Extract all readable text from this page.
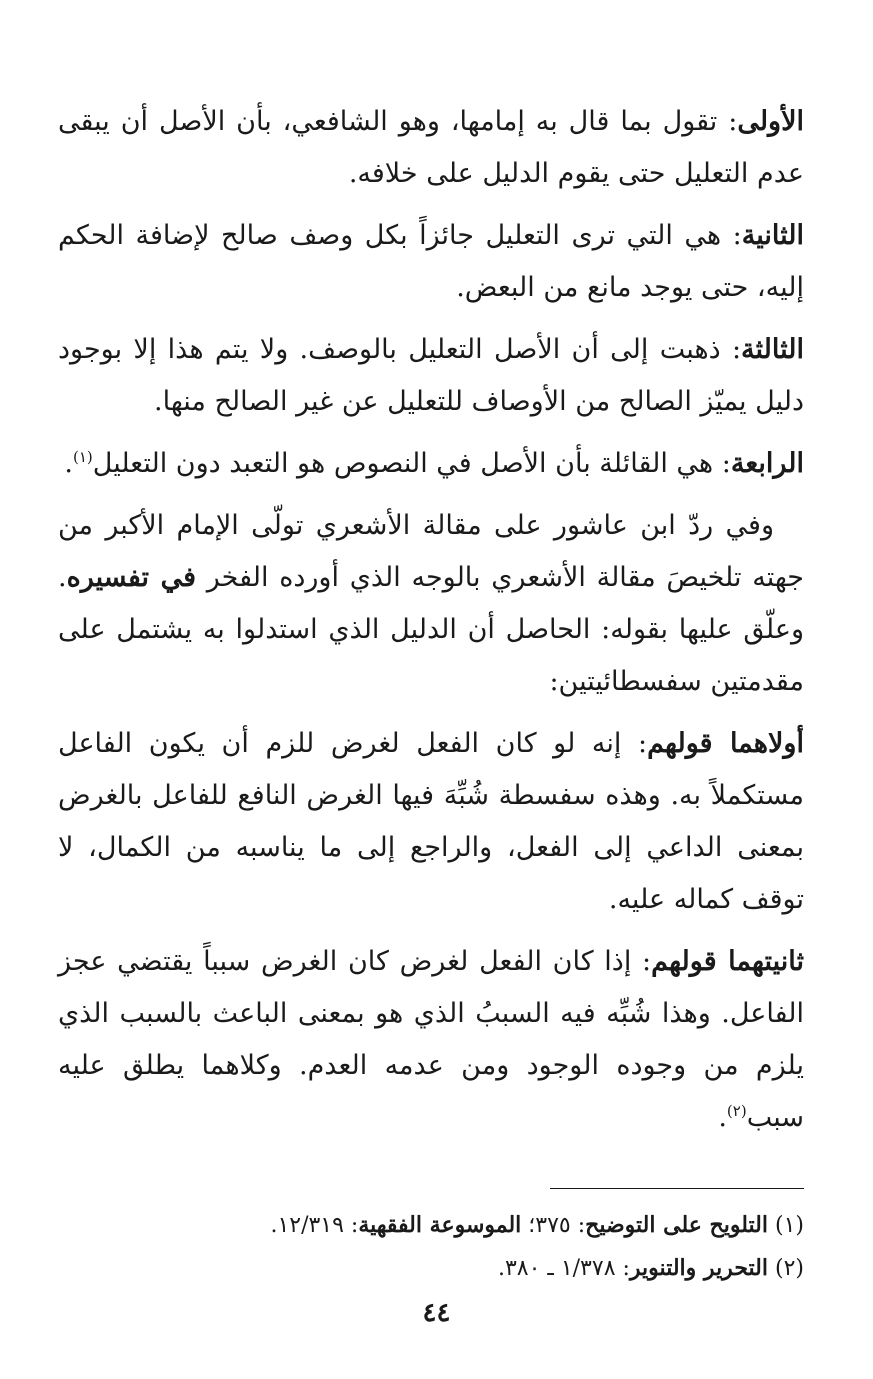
الأولى: تقول بما قال به إمامها، وهو الشافعي، بأن الأصل أن يبقى عدم التعليل حتى يقوم الدليل على خلافه.

الثانية: هي التي ترى التعليل جائزاً بكل وصف صالح لإضافة الحكم إليه، حتى يوجد مانع من البعض.

الثالثة: ذهبت إلى أن الأصل التعليل بالوصف. ولا يتم هذا إلا بوجود دليل يميّز الصالح من الأوصاف للتعليل عن غير الصالح منها.

الرابعة: هي القائلة بأن الأصل في النصوص هو التعبد دون التعليل$^{(١)}$.

وفي ردّ ابن عاشور على مقالة الأشعري تولّى الإمام الأكبر من جهته تلخيصَ مقالة الأشعري بالوجه الذي أورده الفخر في تفسيره. وعلّق عليها بقوله: الحاصل أن الدليل الذي استدلوا به يشتمل على مقدمتين سفسطائيتين:

أولاهما قولهم: إنه لو كان الفعل لغرض للزم أن يكون الفاعل مستكملاً به. وهذه سفسطة شُبِّهَ فيها الغرض النافع للفاعل بالغرض بمعنى الداعي إلى الفعل، والراجع إلى ما يناسبه من الكمال، لا توقف كماله عليه.

ثانيتهما قولهم: إذا كان الفعل لغرض كان الغرض سبباً يقتضي عجز الفاعل. وهذا شُبِّه فيه السببُ الذي هو بمعنى الباعث بالسبب الذي يلزم من وجوده الوجود ومن عدمه العدم. وكلاهما يطلق عليه سبب$^{(٢)}$.

(١) التلويح على التوضيح: ٣٧٥؛ الموسوعة الفقهية: ١٢/٣١٩.

(٢) التحرير والتنوير: ١/٣٧٨ ـ ٣٨٠.

٤٤
